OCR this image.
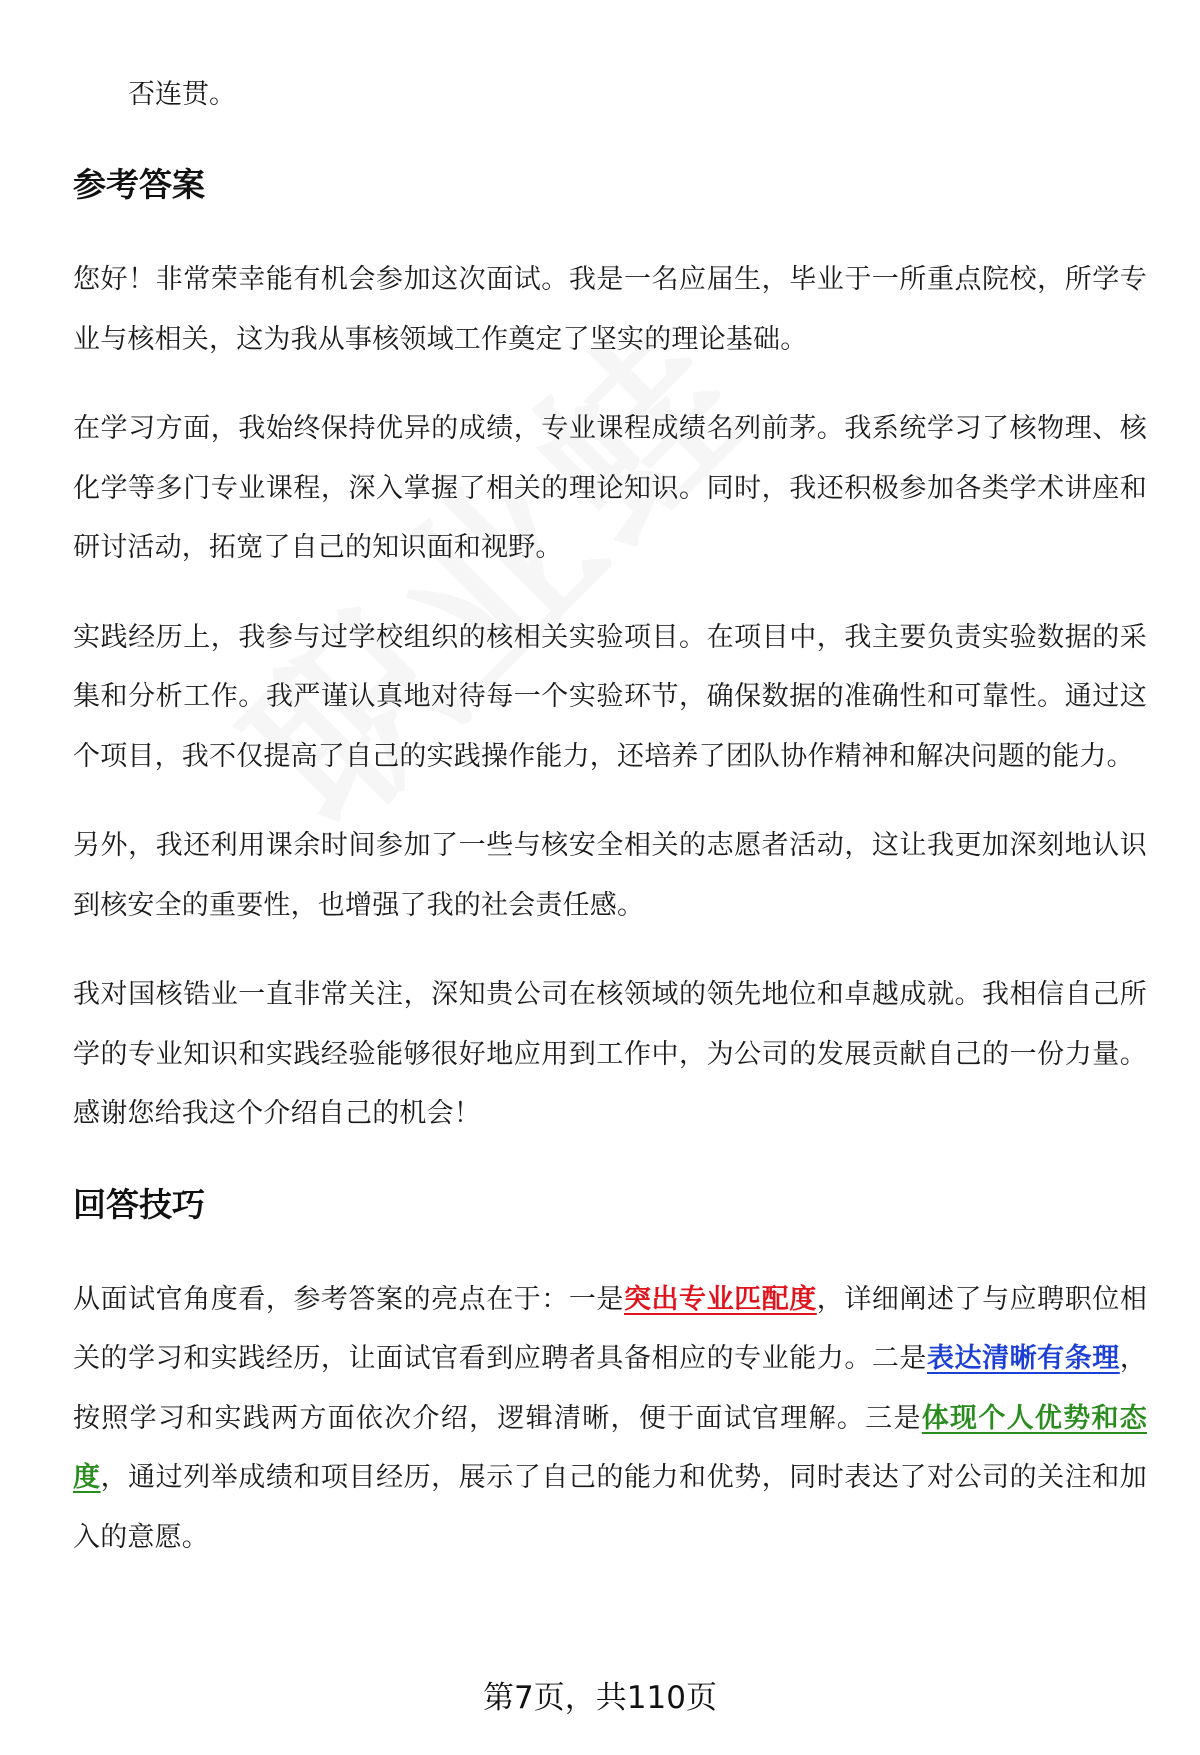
否连贯。
参考答案

您好！非常荣幸能有机会参加这次面试。我是一名应届生，毕业于一所重点院校，所学专业与核相关，这为我从事核领域工作奠定了坚实的理论基础。

在学习方面，我始终保持优异的成绩，专业课程成绩名列前茅。我系统学习了核物理、核化学等多门专业课程，深入掌握了相关的理论知识。同时，我还积极参加各类学术讲座和研讨活动，拓宽了自己的知识面和视野。

实践经历上，我参与过学校组织的核相关实验项目。在项目中，我主要负责实验数据的采集和分析工作。我严谨认真地对待每一个实验环节，确保数据的准确性和可靠性。通过这个项目，我不仅提高了自己的实践操作能力，还培养了团队协作精神和解决问题的能力。

另外，我还利用课余时间参加了一些与核安全相关的志愿者活动，这让我更加深刻地认识到核安全的重要性，也增强了我的社会责任感。

我对国核锆业一直非常关注，深知贵公司在核领域的领先地位和卓越成就。我相信自己所学的专业知识和实践经验能够很好地应用到工作中，为公司的发展贡献自己的一份力量。感谢您给我这个介绍自己的机会！

回答技巧

从面试官角度看，参考答案的亮点在于：一是突出专业匹配度，详细阐述了与应聘职位相关的学习和实践经历，让面试官看到应聘者具备相应的专业能力。二是表达清晰有条理，按照学习和实践两方面依次介绍，逻辑清晰，便于面试官理解。三是体现个人优势和态度，通过列举成绩和项目经历，展示了自己的能力和优势，同时表达了对公司的关注和加入的意愿。

第7页，共110页
